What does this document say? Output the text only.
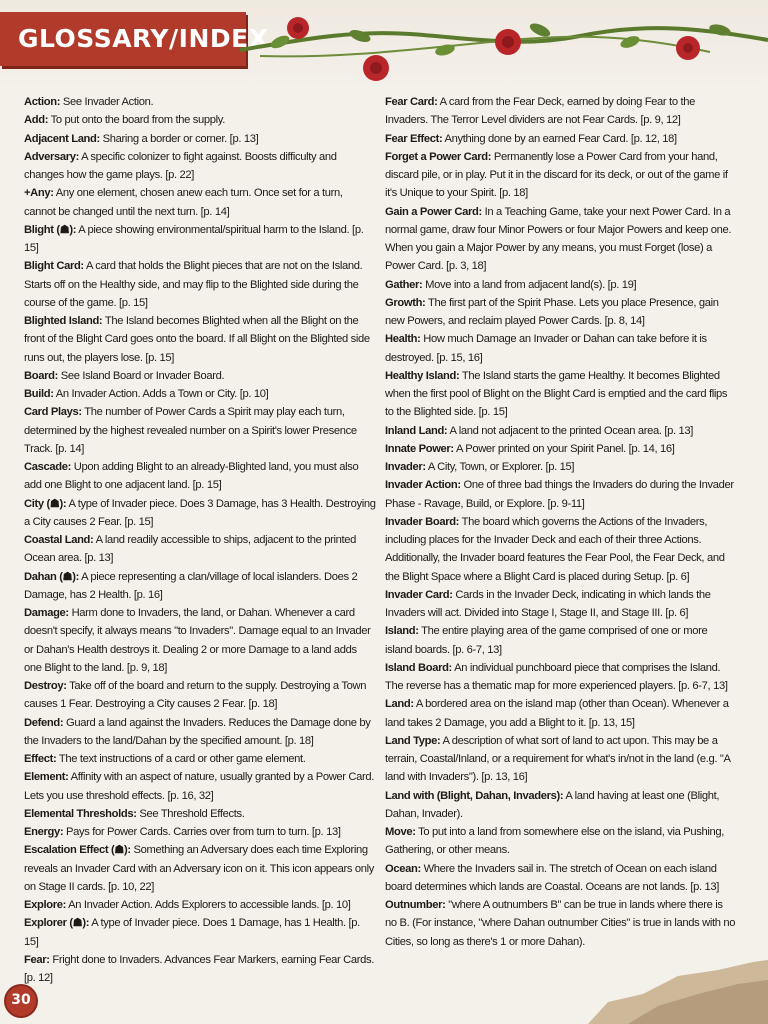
GLOSSARY/INDEX

Action: See Invader Action.

Add: To put onto the board from the supply.

Adjacent Land: Sharing a border or corner. [p. 13]

Adversary: A specific colonizer to fight against. Boosts difficulty and changes how the game plays. [p. 22]

+Any: Any one element, chosen anew each turn. Once set for a turn, cannot be changed until the next turn. [p. 14]

Blight (☗): A piece showing environmental/spiritual harm to the Island. [p. 15]

Blight Card: A card that holds the Blight pieces that are not on the Island. Starts off on the Healthy side, and may flip to the Blighted side during the course of the game. [p. 15]

Blighted Island: The Island becomes Blighted when all the Blight on the front of the Blight Card goes onto the board. If all Blight on the Blighted side runs out, the players lose. [p. 15]

Board: See Island Board or Invader Board.

Build: An Invader Action. Adds a Town or City. [p. 10]

Card Plays: The number of Power Cards a Spirit may play each turn, determined by the highest revealed number on a Spirit's lower Presence Track. [p. 14]

Cascade: Upon adding Blight to an already-Blighted land, you must also add one Blight to one adjacent land. [p. 15]

City (☗): A type of Invader piece. Does 3 Damage, has 3 Health. Destroying a City causes 2 Fear. [p. 15]

Coastal Land: A land readily accessible to ships, adjacent to the printed Ocean area. [p. 13]

Dahan (☗): A piece representing a clan/village of local islanders. Does 2 Damage, has 2 Health. [p. 16]

Damage: Harm done to Invaders, the land, or Dahan. Whenever a card doesn't specify, it always means "to Invaders". Damage equal to an Invader or Dahan's Health destroys it. Dealing 2 or more Damage to a land adds one Blight to the land. [p. 9, 18]

Destroy: Take off of the board and return to the supply. Destroying a Town causes 1 Fear. Destroying a City causes 2 Fear. [p. 18]

Defend: Guard a land against the Invaders. Reduces the Damage done by the Invaders to the land/Dahan by the specified amount. [p. 18]

Effect: The text instructions of a card or other game element.

Element: Affinity with an aspect of nature, usually granted by a Power Card. Lets you use threshold effects. [p. 16, 32]

Elemental Thresholds: See Threshold Effects.

Energy: Pays for Power Cards. Carries over from turn to turn. [p. 13]

Escalation Effect (☗): Something an Adversary does each time Exploring reveals an Invader Card with an Adversary icon on it. This icon appears only on Stage II cards. [p. 10, 22]

Explore: An Invader Action. Adds Explorers to accessible lands. [p. 10]

Explorer (☗): A type of Invader piece. Does 1 Damage, has 1 Health. [p. 15]

Fear: Fright done to Invaders. Advances Fear Markers, earning Fear Cards. [p. 12]

Fear Card: A card from the Fear Deck, earned by doing Fear to the Invaders. The Terror Level dividers are not Fear Cards. [p. 9, 12]

Fear Effect: Anything done by an earned Fear Card. [p. 12, 18]

Forget a Power Card: Permanently lose a Power Card from your hand, discard pile, or in play. Put it in the discard for its deck, or out of the game if it's Unique to your Spirit. [p. 18]

Gain a Power Card: In a Teaching Game, take your next Power Card. In a normal game, draw four Minor Powers or four Major Powers and keep one. When you gain a Major Power by any means, you must Forget (lose) a Power Card. [p. 3, 18]

Gather: Move into a land from adjacent land(s). [p. 19]

Growth: The first part of the Spirit Phase. Lets you place Presence, gain new Powers, and reclaim played Power Cards. [p. 8, 14]

Health: How much Damage an Invader or Dahan can take before it is destroyed. [p. 15, 16]

Healthy Island: The Island starts the game Healthy. It becomes Blighted when the first pool of Blight on the Blight Card is emptied and the card flips to the Blighted side. [p. 15]

Inland Land: A land not adjacent to the printed Ocean area. [p. 13]

Innate Power: A Power printed on your Spirit Panel. [p. 14, 16]

Invader: A City, Town, or Explorer. [p. 15]

Invader Action: One of three bad things the Invaders do during the Invader Phase - Ravage, Build, or Explore. [p. 9-11]

Invader Board: The board which governs the Actions of the Invaders, including places for the Invader Deck and each of their three Actions. Additionally, the Invader board features the Fear Pool, the Fear Deck, and the Blight Space where a Blight Card is placed during Setup. [p. 6]

Invader Card: Cards in the Invader Deck, indicating in which lands the Invaders will act. Divided into Stage I, Stage II, and Stage III. [p. 6]

Island: The entire playing area of the game comprised of one or more island boards. [p. 6-7, 13]

Island Board: An individual punchboard piece that comprises the Island. The reverse has a thematic map for more experienced players. [p. 6-7, 13]

Land: A bordered area on the island map (other than Ocean). Whenever a land takes 2 Damage, you add a Blight to it. [p. 13, 15]

Land Type: A description of what sort of land to act upon. This may be a terrain, Coastal/Inland, or a requirement for what's in/not in the land (e.g. "A land with Invaders"). [p. 13, 16]

Land with (Blight, Dahan, Invaders): A land having at least one (Blight, Dahan, Invader).

Move: To put into a land from somewhere else on the island, via Pushing, Gathering, or other means.

Ocean: Where the Invaders sail in. The stretch of Ocean on each island board determines which lands are Coastal. Oceans are not lands. [p. 13]

Outnumber: "where A outnumbers B" can be true in lands where there is no B. (For instance, "where Dahan outnumber Cities" is true in lands with no Cities, so long as there's 1 or more Dahan).

30
